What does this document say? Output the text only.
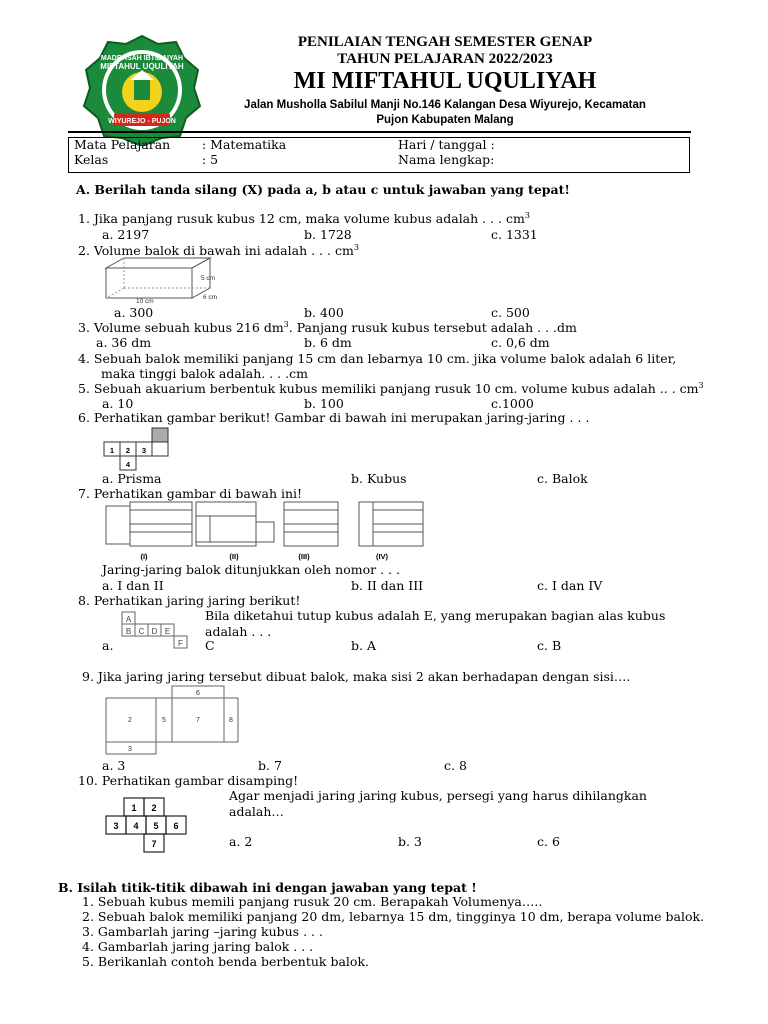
MADRASAH IBTIDAIYAH
MIFTAHUL UQULIYAH
WIYUREJO - PUJON
PENILAIAN TENGAH SEMESTER GENAP
TAHUN PELAJARAN 2022/2023
MI MIFTAHUL UQULIYAH
Jalan Musholla Sabilul Manji No.146 Kalangan Desa Wiyurejo, Kecamatan
Pujon Kabupaten Malang
Mata Pelajaran	: Matematika	Hari / tanggal :
Kelas	: 5	Nama lengkap:
A. Berilah tanda silang (X) pada a, b atau c untuk jawaban yang tepat!
1. Jika panjang rusuk kubus 12 cm, maka volume kubus adalah . . . $cm^3$
a. 2197	b. 1728	c. 1331
2. Volume balok di bawah ini adalah . . . $cm^3$
5 cm
6 cm
10 cm
a. 300	b. 400	c. 500
3. Volume sebuah kubus 216 $dm^3$. Panjang rusuk kubus tersebut adalah . . .dm
a. 36 dm	b. 6 dm	c. 0,6 dm
4. Sebuah balok memiliki panjang 15 cm dan lebarnya 10 cm. jika volume balok adalah 6 liter,
maka tinggi balok adalah. . . .cm
5. Sebuah akuarium berbentuk kubus memiliki panjang rusuk 10 cm. volume kubus adalah .. . $cm^3$
a. 10	b. 100	c.1000
6. Perhatikan gambar berikut! Gambar di bawah ini merupakan jaring-jaring . . .
1 2 3
4
a. Prisma	b. Kubus	c. Balok
7. Perhatikan gambar di bawah ini!
(I)	(II)	(III)	(IV)
Jaring-jaring balok ditunjukkan oleh nomor . . .
a. I dan II	b. II dan III	c. I dan IV
8. Perhatikan jaring jaring berikut!
A
B C D E
F
Bila diketahui tutup kubus adalah E, yang merupakan bagian alas kubus
adalah . . .
a.	C	b. A	c. B
9. Jika jaring jaring tersebut dibuat balok, maka sisi 2 akan berhadapan dengan sisi….
6
2	5	7	8
3
a. 3	b. 7	c. 8
10. Perhatikan gambar disamping!
1 2
3 4 5 6
7
Agar menjadi jaring jaring kubus, persegi yang harus dihilangkan
adalah…
a. 2	b. 3	c. 6
B. Isilah titik-titik dibawah ini dengan jawaban yang tepat !
1. Sebuah kubus memili panjang rusuk 20 cm. Berapakah Volumenya…..
2. Sebuah balok memiliki panjang 20 dm, lebarnya 15 dm, tingginya 10 dm, berapa volume balok.
3. Gambarlah jaring –jaring kubus . . .
4. Gambarlah jaring jaring balok . . .
5. Berikanlah contoh benda berbentuk balok.
